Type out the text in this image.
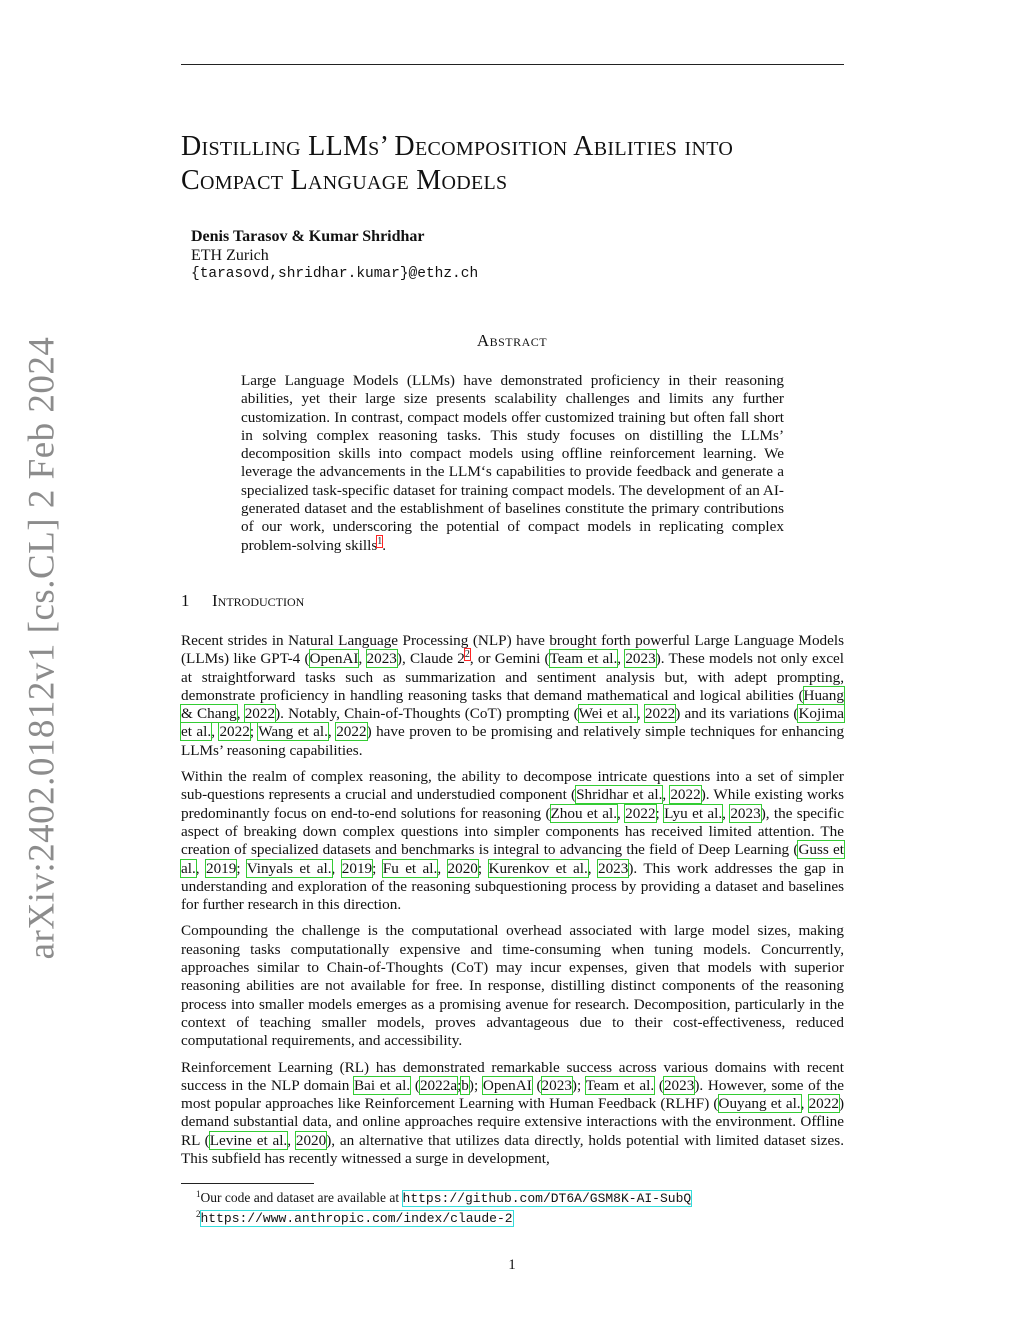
arXiv:2402.01812v1 [cs.CL] 2 Feb 2024
Distilling LLMs’ Decomposition Abilities into
Compact Language Models
Denis Tarasov & Kumar Shridhar
ETH Zurich
{tarasovd,shridhar.kumar}@ethz.ch
Abstract
Large Language Models (LLMs) have demonstrated proficiency in their reasoning abilities, yet their large size presents scalability challenges and limits any further customization. In contrast, compact models offer customized training but often fall short in solving complex reasoning tasks. This study focuses on distilling the LLMs’ decomposition skills into compact models using offline reinforcement learning. We leverage the advancements in the LLM‘s capabilities to provide feedback and generate a specialized task-specific dataset for training compact models. The development of an AI-generated dataset and the establishment of baselines constitute the primary contributions of our work, underscoring the potential of compact models in replicating complex problem-solving skills$^1$.
1 Introduction

Recent strides in Natural Language Processing (NLP) have brought forth powerful Large Language Models (LLMs) like GPT-4 (OpenAI, 2023), Claude $2^2$, or Gemini (Team et al., 2023). These models not only excel at straightforward tasks such as summarization and sentiment analysis but, with adept prompting, demonstrate proficiency in handling reasoning tasks that demand mathematical and logical abilities (Huang & Chang, 2022). Notably, Chain-of-Thoughts (CoT) prompting (Wei et al., 2022) and its variations (Kojima et al., 2022; Wang et al., 2022) have proven to be promising and relatively simple techniques for enhancing LLMs’ reasoning capabilities.

Within the realm of complex reasoning, the ability to decompose intricate questions into a set of simpler sub-questions represents a crucial and understudied component (Shridhar et al., 2022). While existing works predominantly focus on end-to-end solutions for reasoning (Zhou et al., 2022; Lyu et al., 2023), the specific aspect of breaking down complex questions into simpler components has received limited attention. The creation of specialized datasets and benchmarks is integral to advancing the field of Deep Learning (Guss et al., 2019; Vinyals et al., 2019; Fu et al., 2020; Kurenkov et al., 2023). This work addresses the gap in understanding and exploration of the reasoning subquestioning process by providing a dataset and baselines for further research in this direction.

Compounding the challenge is the computational overhead associated with large model sizes, making reasoning tasks computationally expensive and time-consuming when tuning models. Concurrently, approaches similar to Chain-of-Thoughts (CoT) may incur expenses, given that models with superior reasoning abilities are not available for free. In response, distilling distinct components of the reasoning process into smaller models emerges as a promising avenue for research. Decomposition, particularly in the context of teaching smaller models, proves advantageous due to their cost-effectiveness, reduced computational requirements, and accessibility.

Reinforcement Learning (RL) has demonstrated remarkable success across various domains with recent success in the NLP domain Bai et al. (2022a;b); OpenAI (2023); Team et al. (2023). However, some of the most popular approaches like Reinforcement Learning with Human Feedback (RLHF) (Ouyang et al., 2022) demand substantial data, and online approaches require extensive interactions with the environment. Offline RL (Levine et al., 2020), an alternative that utilizes data directly, holds potential with limited dataset sizes. This subfield has recently witnessed a surge in development,

$^1$Our code and dataset are available at https://github.com/DT6A/GSM8K-AI-SubQ
$^2$https://www.anthropic.com/index/claude-2
1
